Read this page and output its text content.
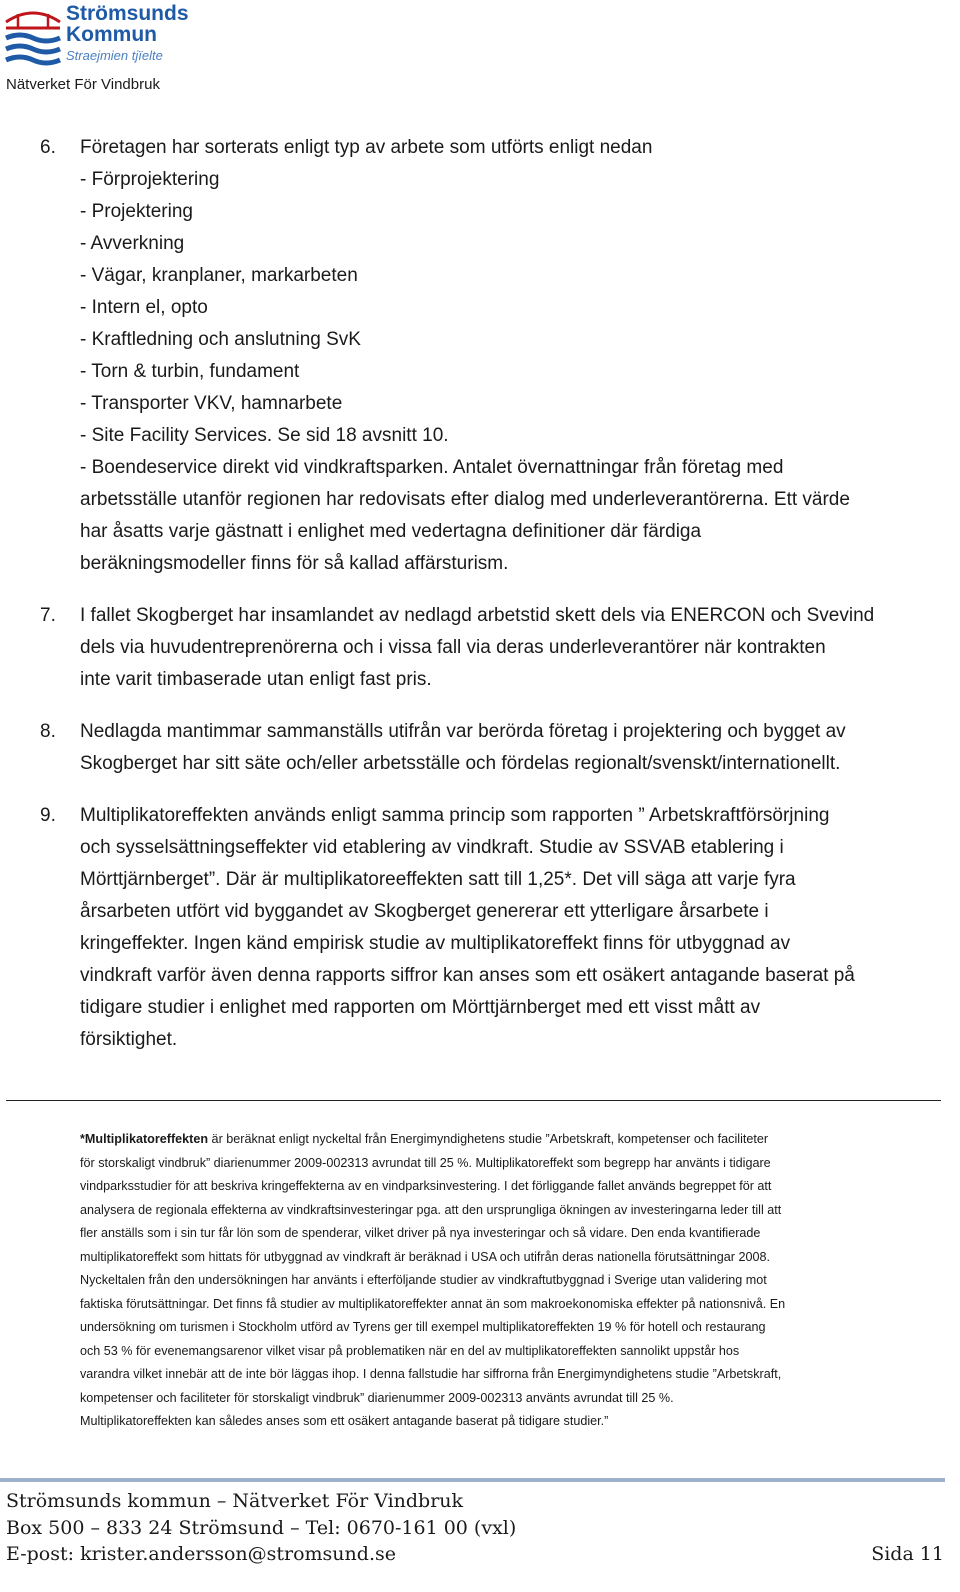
Strömsunds
Kommun
Straejmien tjïelte
Nätverket För Vindbruk
6. Företagen har sorterats enligt typ av arbete som utförts enligt nedan
- Förprojektering
- Projektering
- Avverkning
- Vägar, kranplaner, markarbeten
- Intern el, opto
- Kraftledning och anslutning SvK
- Torn & turbin, fundament
- Transporter VKV, hamnarbete
- Site Facility Services. Se sid 18 avsnitt 10.
- Boendeservice direkt vid vindkraftsparken. Antalet övernattningar från företag med
arbetsställe utanför regionen har redovisats efter dialog med underleverantörerna. Ett värde
har åsatts varje gästnatt i enlighet med vedertagna definitioner där färdiga
beräkningsmodeller finns för så kallad affärsturism.
7. I fallet Skogberget har insamlandet av nedlagd arbetstid skett dels via ENERCON och Svevind
dels via huvudentreprenörerna och i vissa fall via deras underleverantörer när kontrakten
inte varit timbaserade utan enligt fast pris.
8. Nedlagda mantimmar sammanställs utifrån var berörda företag i projektering och bygget av
Skogberget har sitt säte och/eller arbetsställe och fördelas regionalt/svenskt/internationellt.
9. Multiplikatoreffekten används enligt samma princip som rapporten ” Arbetskraftförsörjning
och sysselsättningseffekter vid etablering av vindkraft. Studie av SSVAB etablering i
Mörttjärnberget”. Där är multiplikatoreeffekten satt till 1,25*. Det vill säga att varje fyra
årsarbeten utfört vid byggandet av Skogberget genererar ett ytterligare årsarbete i
kringeffekter. Ingen känd empirisk studie av multiplikatoreffekt finns för utbyggnad av
vindkraft varför även denna rapports siffror kan anses som ett osäkert antagande baserat på
tidigare studier i enlighet med rapporten om Mörttjärnberget med ett visst mått av
försiktighet.
*Multiplikatoreffekten är beräknat enligt nyckeltal från Energimyndighetens studie ”Arbetskraft, kompetenser och faciliteter
för storskaligt vindbruk” diarienummer 2009-002313 avrundat till 25 %. Multiplikatoreffekt som begrepp har använts i tidigare
vindparksstudier för att beskriva kringeffekterna av en vindparksinvestering. I det förliggande fallet används begreppet för att
analysera de regionala effekterna av vindkraftsinvesteringar pga. att den ursprungliga ökningen av investeringarna leder till att
fler anställs som i sin tur får lön som de spenderar, vilket driver på nya investeringar och så vidare. Den enda kvantifierade
multiplikatoreffekt som hittats för utbyggnad av vindkraft är beräknad i USA och utifrån deras nationella förutsättningar 2008.
Nyckeltalen från den undersökningen har använts i efterföljande studier av vindkraftutbyggnad i Sverige utan validering mot
faktiska förutsättningar. Det finns få studier av multiplikatoreffekter annat än som makroekonomiska effekter på nationsnivå. En
undersökning om turismen i Stockholm utförd av Tyrens ger till exempel multiplikatoreffekten 19 % för hotell och restaurang
och 53 % för evenemangsarenor vilket visar på problematiken när en del av multiplikatoreffekten sannolikt uppstår hos
varandra vilket innebär att de inte bör läggas ihop. I denna fallstudie har siffrorna från Energimyndighetens studie ”Arbetskraft,
kompetenser och faciliteter för storskaligt vindbruk” diarienummer 2009-002313 använts avrundat till 25 %.
Multiplikatoreffekten kan således anses som ett osäkert antagande baserat på tidigare studier.”
Strömsunds kommun – Nätverket För Vindbruk
Box 500 – 833 24 Strömsund – Tel: 0670-161 00 (vxl)
E-post: krister.andersson@stromsund.se	Sida 11
